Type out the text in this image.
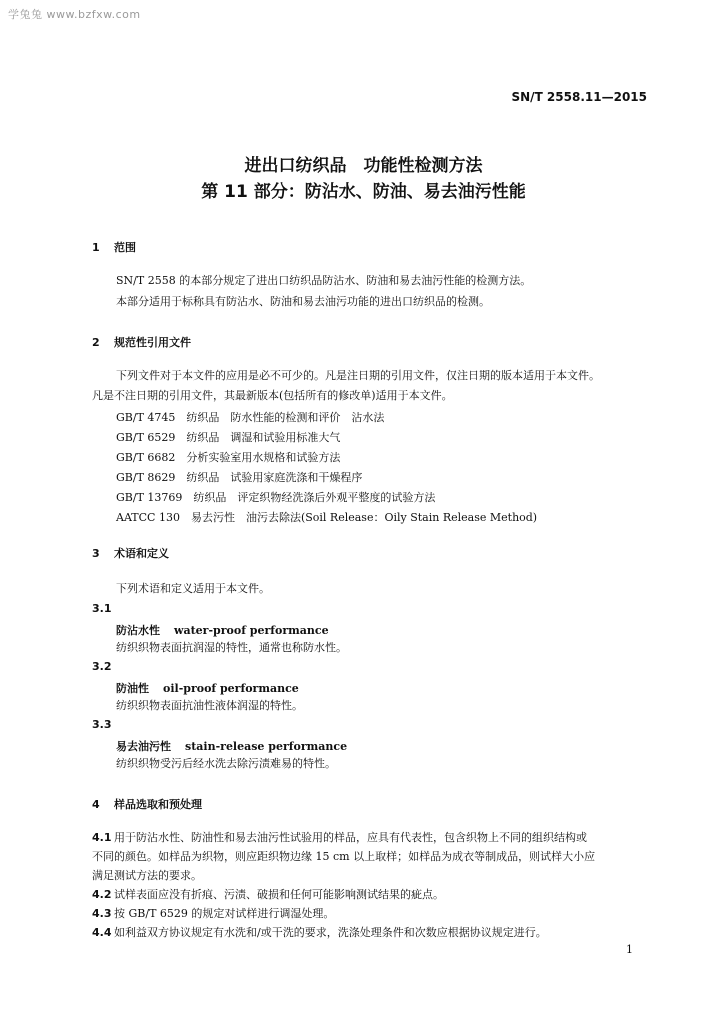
学兔兔 www.bzfxw.com
SN/T 2558.11—2015
进出口纺织品　功能性检测方法
第 11 部分：防沾水、防油、易去油污性能
1 范围
SN/T 2558 的本部分规定了进出口纺织品防沾水、防油和易去油污性能的检测方法。
本部分适用于标称具有防沾水、防油和易去油污功能的进出口纺织品的检测。
2 规范性引用文件
下列文件对于本文件的应用是必不可少的。凡是注日期的引用文件，仅注日期的版本适用于本文件。
凡是不注日期的引用文件，其最新版本(包括所有的修改单)适用于本文件。
GB/T 4745　纺织品　防水性能的检测和评价　沾水法
GB/T 6529　纺织品　调湿和试验用标准大气
GB/T 6682　分析实验室用水规格和试验方法
GB/T 8629　纺织品　试验用家庭洗涤和干燥程序
GB/T 13769　纺织品　评定织物经洗涤后外观平整度的试验方法
AATCC 130　易去污性　油污去除法(Soil Release：Oily Stain Release Method)
3 术语和定义
下列术语和定义适用于本文件。
3.1
防沾水性 water-proof performance
纺织织物表面抗润湿的特性，通常也称防水性。
3.2
防油性 oil-proof performance
纺织织物表面抗油性液体润湿的特性。
3.3
易去油污性 stain-release performance
纺织织物受污后经水洗去除污渍难易的特性。
4 样品选取和预处理
4.1 用于防沾水性、防油性和易去油污性试验用的样品，应具有代表性，包含织物上不同的组织结构或
不同的颜色。如样品为织物，则应距织物边缘 15 cm 以上取样；如样品为成衣等制成品，则试样大小应
满足测试方法的要求。
4.2 试样表面应没有折痕、污渍、破损和任何可能影响测试结果的疵点。
4.3 按 GB/T 6529 的规定对试样进行调湿处理。
4.4 如利益双方协议规定有水洗和/或干洗的要求，洗涤处理条件和次数应根据协议规定进行。
1
